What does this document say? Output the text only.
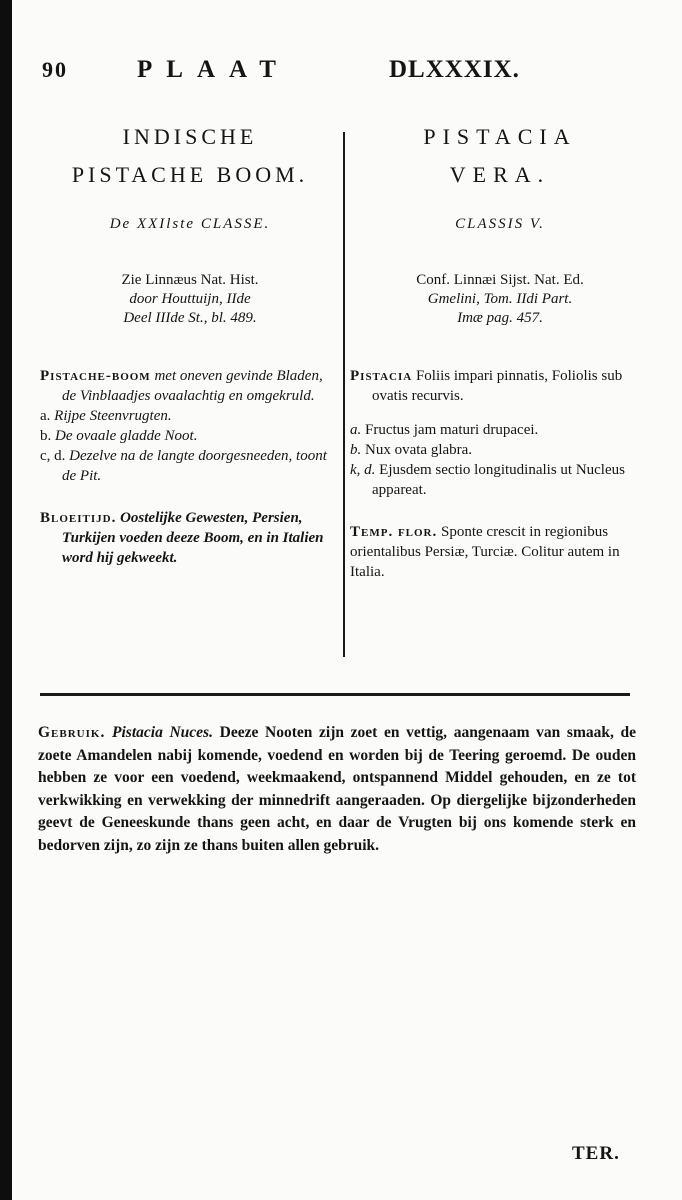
90	PLAAT	DLXXXIX.
INDISCHE
PISTACHE BOOM.
De XXIlste CLASSE.
Zie Linnæus Nat. Hist.
door Houttuijn, IIde
Deel IIIde St., bl. 489.
Pistache-boom met oneven gevinde Bladen, de Vinblaadjes ovaalachtig en omgekruld.
a. Rijpe Steenvrugten.
b. De ovaale gladde Noot.
c, d. Dezelve na de langte doorgesneeden, toont de Pit.
Bloeitijd. Oostelijke Gewesten, Persien, Turkijen voeden deeze Boom, en in Italien word hij gekweekt.
PISTACIA
VERA.
CLASSIS V.
Conf. Linnæi Sijst. Nat. Ed.
Gmelini, Tom. IIdi Part.
Imæ pag. 457.
Pistacia Foliis impari pinnatis, Foliolis sub ovatis recurvis.
a. Fructus jam maturi drupacei.
b. Nux ovata glabra.
k, d. Ejusdem sectio longitudinalis ut Nucleus appareat.
Temp. flor. Sponte crescit in regionibus orientalibus Persiæ, Turciæ. Colitur autem in Italia.
Gebruik. Pistacia Nuces. Deeze Nooten zijn zoet en vettig, aangenaam van smaak, de zoete Amandelen nabij komende, voedend en worden bij de Teering geroemd. De ouden hebben ze voor een voedend, weekmaakend, ontspannend Middel gehouden, en ze tot verkwikking en verwekking der minnedrift aangeraaden. Op diergelijke bijzonderheden geevt de Geneeskunde thans geen acht, en daar de Vrugten bij ons komende sterk en bedorven zijn, zo zijn ze thans buiten allen gebruik.
TER.
